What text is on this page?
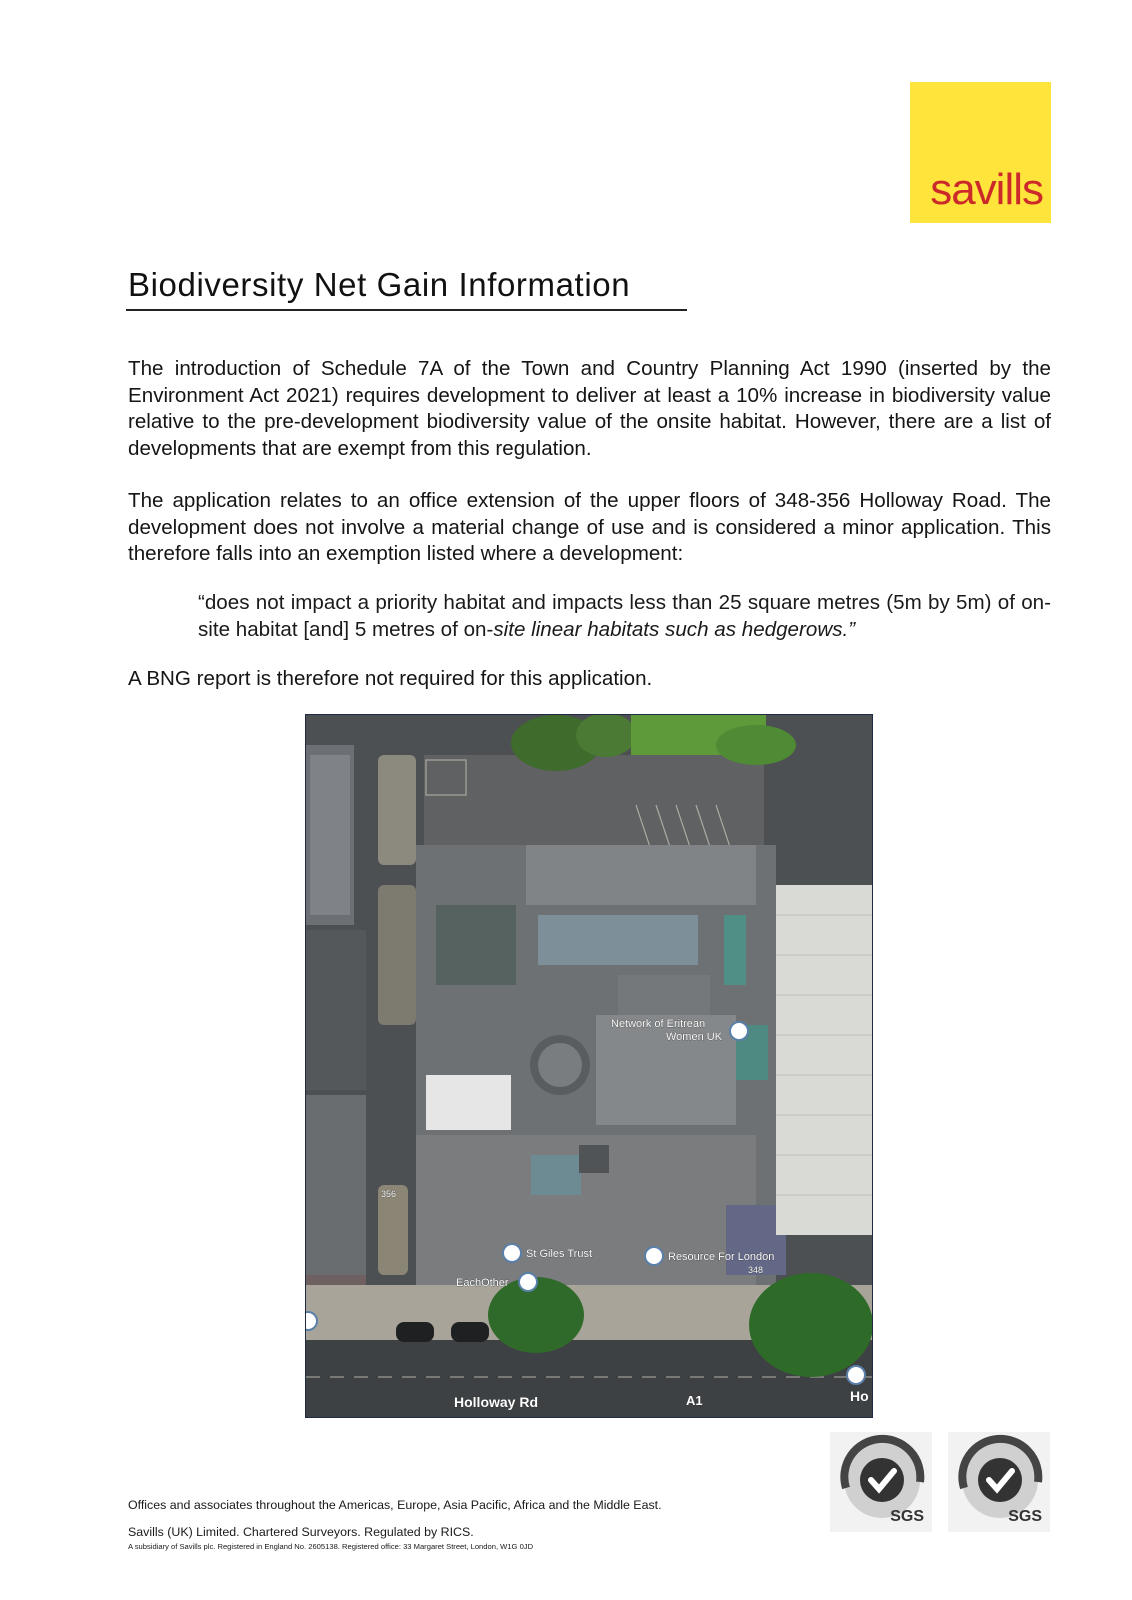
savills
Biodiversity Net Gain Information

The introduction of Schedule 7A of the Town and Country Planning Act 1990 (inserted by the Environment Act 2021) requires development to deliver at least a 10% increase in biodiversity value relative to the pre-development biodiversity value of the onsite habitat. However, there are a list of developments that are exempt from this regulation.

The application relates to an office extension of the upper floors of 348-356 Holloway Road. The development does not involve a material change of use and is considered a minor application. This therefore falls into an exemption listed where a development:

“does not impact a priority habitat and impacts less than 25 square metres (5m by 5m) of on-site habitat [and] 5 metres of on-site linear habitats such as hedgerows.”

A BNG report is therefore not required for this application.

Network of Eritrean
Women UK
St Giles Trust	Resource For London
EachOther
356
348
Holloway Rd	A1	Ho
SGS	SGS

Offices and associates throughout the Americas, Europe, Asia Pacific, Africa and the Middle East.

Savills (UK) Limited. Chartered Surveyors. Regulated by RICS.

A subsidiary of Savills plc. Registered in England No. 2605138. Registered office: 33 Margaret Street, London, W1G 0JD
